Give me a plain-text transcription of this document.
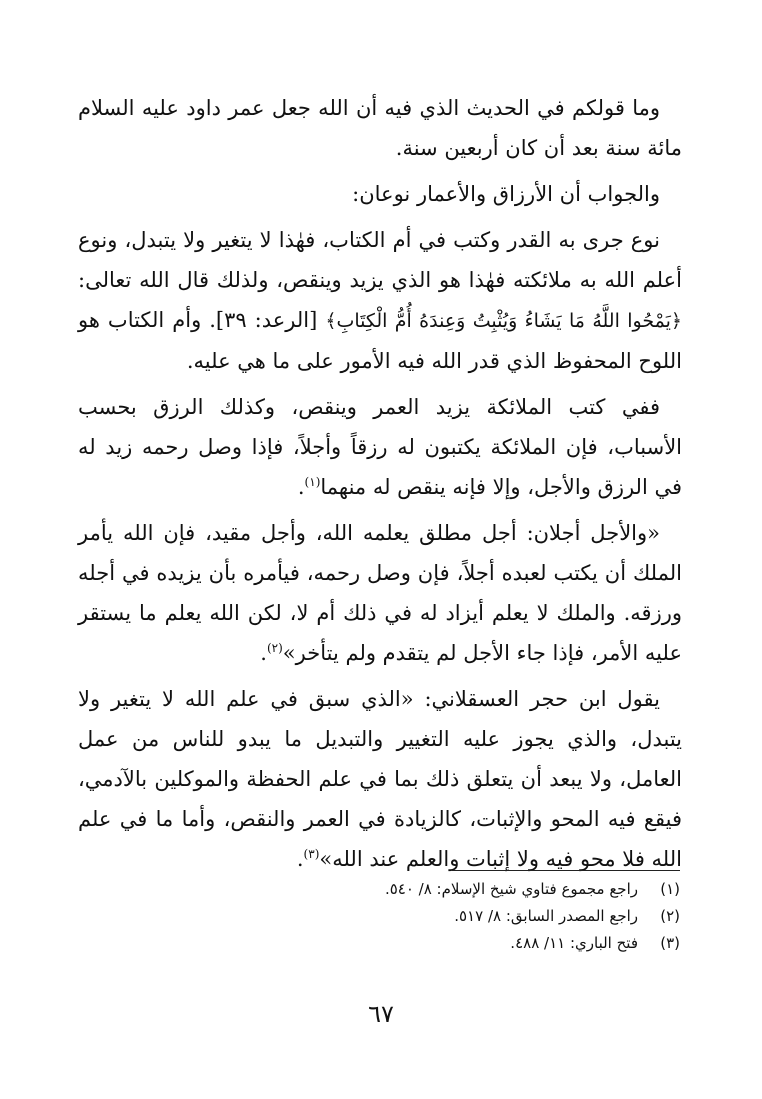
وما قولكم في الحديث الذي فيه أن الله جعل عمر داود عليه السلام مائة سنة بعد أن كان أربعين سنة.

والجواب أن الأرزاق والأعمار نوعان:

نوع جرى به القدر وكتب في أم الكتاب، فهٰذا لا يتغير ولا يتبدل، ونوع أعلم الله به ملائكته فهٰذا هو الذي يزيد وينقص، ولذلك قال الله تعالى: ﴿يَمْحُوا اللَّهُ مَا يَشَاءُ وَيُثْبِتُ وَعِندَهُ أُمُّ الْكِتَابِ﴾ [الرعد: ٣٩]. وأم الكتاب هو اللوح المحفوظ الذي قدر الله فيه الأمور على ما هي عليه.

ففي كتب الملائكة يزيد العمر وينقص، وكذلك الرزق بحسب الأسباب، فإن الملائكة يكتبون له رزقاً وأجلاً، فإذا وصل رحمه زيد له في الرزق والأجل، وإلا فإنه ينقص له منهما$^{(١)}$.

«والأجل أجلان: أجل مطلق يعلمه الله، وأجل مقيد، فإن الله يأمر الملك أن يكتب لعبده أجلاً، فإن وصل رحمه، فيأمره بأن يزيده في أجله ورزقه. والملك لا يعلم أيزاد له في ذلك أم لا، لكن الله يعلم ما يستقر عليه الأمر، فإذا جاء الأجل لم يتقدم ولم يتأخر»$^{(٢)}$.

يقول ابن حجر العسقلاني: «الذي سبق في علم الله لا يتغير ولا يتبدل، والذي يجوز عليه التغيير والتبديل ما يبدو للناس من عمل العامل، ولا يبعد أن يتعلق ذلك بما في علم الحفظة والموكلين بالآدمي، فيقع فيه المحو والإثبات، كالزيادة في العمر والنقص، وأما ما في علم الله فلا محو فيه ولا إثبات والعلم عند الله»$^{(٣)}$.

(١)
راجع مجموع فتاوي شيخ الإسلام: ٨/ ٥٤٠.
(٢)
راجع المصدر السابق: ٨/ ٥١٧.
(٣)
فتح الباري: ١١/ ٤٨٨.
٦٧
